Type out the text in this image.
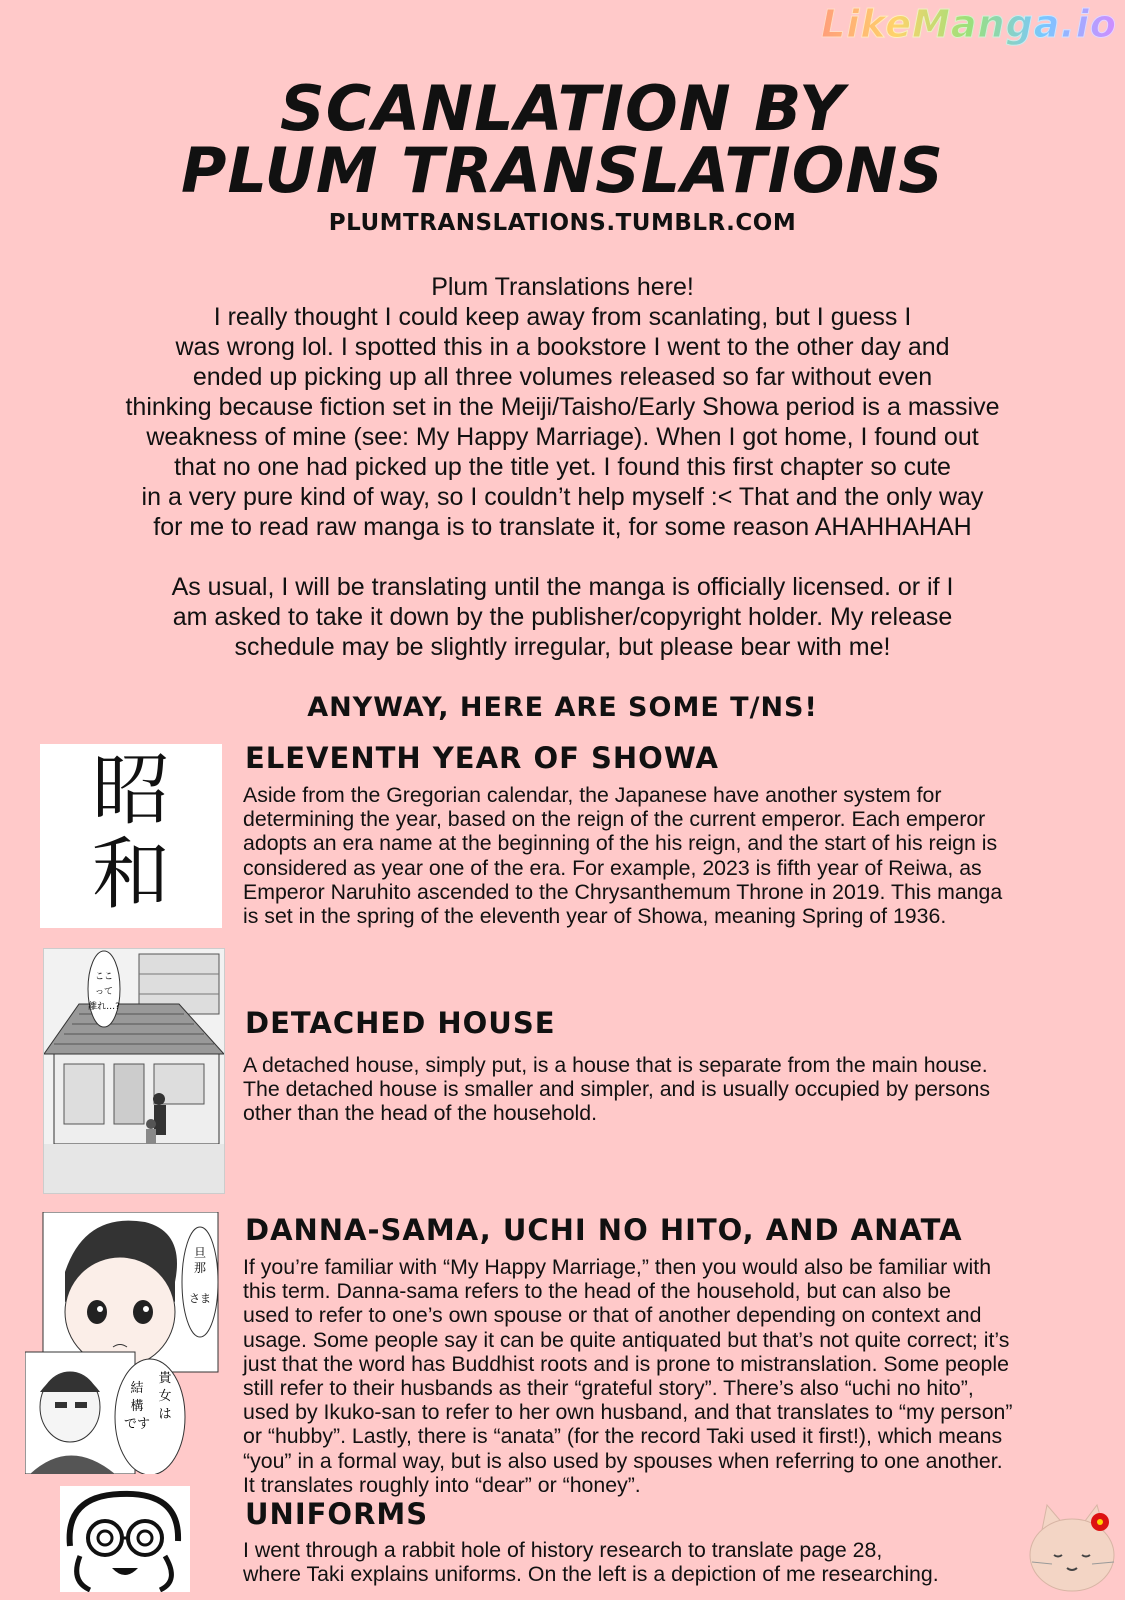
LikeManga.io
SCANLATION BY
PLUM TRANSLATIONS
PLUMTRANSLATIONS.TUMBLR.COM

Plum Translations here!
I really thought I could keep away from scanlating, but I guess I
was wrong lol. I spotted this in a bookstore I went to the other day and
ended up picking up all three volumes released so far without even
thinking because fiction set in the Meiji/Taisho/Early Showa period is a massive
weakness of mine (see: My Happy Marriage). When I got home, I found out
that no one had picked up the title yet. I found this first chapter so cute
in a very pure kind of way, so I couldn’t help myself :< That and the only way
for me to read raw manga is to translate it, for some reason AHAHHAHAH

As usual, I will be translating until the manga is officially licensed. or if I
am asked to take it down by the publisher/copyright holder. My release
schedule may be slightly irregular, but please bear with me!

ANYWAY, HERE ARE SOME T/NS!
昭
和
ELEVENTH YEAR OF SHOWA
Aside from the Gregorian calendar, the Japanese have another system for
determining the year, based on the reign of the current emperor. Each emperor
adopts an era name at the beginning of the his reign, and the start of his reign is
considered as year one of the era. For example, 2023 is fifth year of Reiwa, as
Emperor Naruhito ascended to the Chrysanthemum Throne in 2019. This manga
is set in the spring of the eleventh year of Showa, meaning Spring of 1936.
ここ
って
離れ…?	DETACHED HOUSE
A detached house, simply put, is a house that is separate from the main house.
The detached house is smaller and simpler, and is usually occupied by persons
other than the head of the household.
旦
那
さま
貴
女
は
結
構
です
DANNA-SAMA, UCHI NO HITO, AND ANATA
If you’re familiar with “My Happy Marriage,” then you would also be familiar with
this term. Danna-sama refers to the head of the household, but can also be
used to refer to one’s own spouse or that of another depending on context and
usage. Some people say it can be quite antiquated but that’s not quite correct; it’s
just that the word has Buddhist roots and is prone to mistranslation. Some people
still refer to their husbands as their “grateful story”. There’s also “uchi no hito”,
used by Ikuko-san to refer to her own husband, and that translates to “my person”
or “hubby”. Lastly, there is “anata” (for the record Taki used it first!), which means
“you” in a formal way, but is also used by spouses when referring to one another.
It translates roughly into “dear” or “honey”.
UNIFORMS
I went through a rabbit hole of history research to translate page 28,
where Taki explains uniforms. On the left is a depiction of me researching.
